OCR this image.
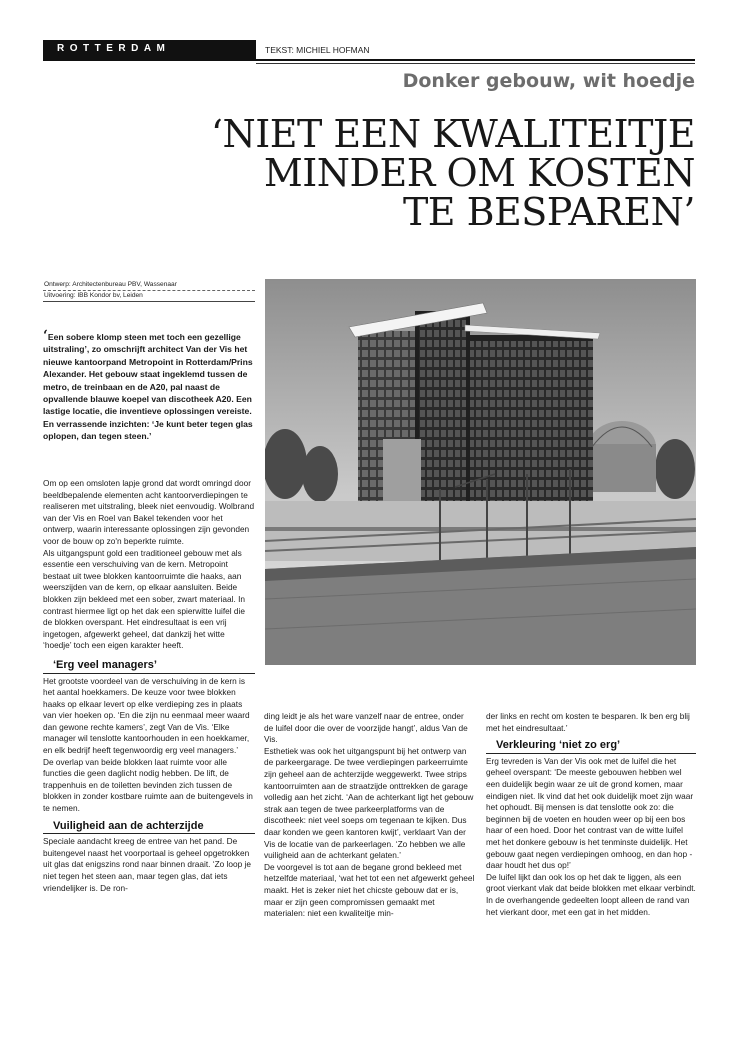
ROTTERDAM	TEKST: MICHIEL HOFMAN
Donker gebouw, wit hoedje
‘NIET EEN KWALITEITJE
MINDER OM KOSTEN
TE BESPAREN’
Ontwerp: Architectenbureau PBV, Wassenaar
Uitvoering: IBB Kondor bv, Leiden
‘Een sobere klomp steen met toch een gezellige uitstraling’, zo omschrijft architect Van der Vis het nieuwe kantoorpand Metropoint in Rotterdam/Prins Alexander. Het gebouw staat ingeklemd tussen de metro, de treinbaan en de A20, pal naast de opvallende blauwe koepel van discotheek A20. Een lastige locatie, die inventieve oplossingen vereiste. En verrassende inzichten: ‘Je kunt beter tegen glas oplopen, dan tegen steen.’

Om op een omsloten lapje grond dat wordt omringd door beeldbepalende elementen acht kantoorverdiepingen te realiseren met uitstraling, bleek niet eenvoudig. Wolbrand van der Vis en Roel van Bakel tekenden voor het ontwerp, waarin interessante oplossingen zijn gevonden voor de bouw op zo'n beperkte ruimte.

Als uitgangspunt gold een traditioneel gebouw met als essentie een verschuiving van de kern. Metropoint bestaat uit twee blokken kantoorruimte die haaks, aan weerszijden van de kern, op elkaar aansluiten. Beide blokken zijn bekleed met een sober, zwart materiaal. In contrast hiermee ligt op het dak een spierwitte luifel die de blokken overspant. Het eindresultaat is een vrij ingetogen, afgewerkt geheel, dat dankzij het witte ‘hoedje’ toch een eigen karakter heeft.

‘Erg veel managers’

Het grootste voordeel van de verschuiving in de kern is het aantal hoekkamers. De keuze voor twee blokken haaks op elkaar levert op elke verdieping zes in plaats van vier hoeken op. ‘En die zijn nu eenmaal meer waard dan gewone rechte kamers’, zegt Van de Vis. ‘Elke manager wil tenslotte kantoorhouden in een hoekkamer, en elk bedrijf heeft tegenwoordig erg veel managers.’

De overlap van beide blokken laat ruimte voor alle functies die geen daglicht nodig hebben. De lift, de trappenhuis en de toiletten bevinden zich tussen de blokken in zonder kostbare ruimte aan de buitengevels in te nemen.

Vuiligheid aan de achterzijde

Speciale aandacht kreeg de entree van het pand. De buitengevel naast het voorportaal is geheel opgetrokken uit glas dat enigszins rond naar binnen draait. ‘Zo loop je niet tegen het steen aan, maar tegen glas, dat iets vriendelijker is. De ron-

ding leidt je als het ware vanzelf naar de entree, onder de luifel door die over de voorzijde hangt’, aldus Van de Vis.

Esthetiek was ook het uitgangspunt bij het ontwerp van de parkeergarage. De twee verdiepingen parkeerruimte zijn geheel aan de achterzijde weggewerkt. Twee strips kantoorruimten aan de straatzijde onttrekken de garage volledig aan het zicht. ‘Aan de achterkant ligt het gebouw strak aan tegen de twee parkeerplatforms van de discotheek: niet veel soeps om tegenaan te kijken. Dus daar konden we geen kantoren kwijt’, verklaart Van der Vis de locatie van de parkeerlagen. ‘Zo hebben we alle vuiligheid aan de achterkant gelaten.’

De voorgevel is tot aan de begane grond bekleed met hetzelfde materiaal, ‘wat het tot een net afgewerkt geheel maakt. Het is zeker niet het chicste gebouw dat er is, maar er zijn geen compromissen gemaakt met materialen: niet een kwaliteitje min-

der links en recht om kosten te besparen. Ik ben erg blij met het eindresultaat.’

Verkleuring ‘niet zo erg’

Erg tevreden is Van der Vis ook met de luifel die het geheel overspant: ‘De meeste gebouwen hebben wel een duidelijk begin waar ze uit de grond komen, maar eindigen niet. Ik vind dat het ook duidelijk moet zijn waar het ophoudt. Bij mensen is dat tenslotte ook zo: die beginnen bij de voeten en houden weer op bij een bos haar of een hoed. Door het contrast van de witte luifel met het donkere gebouw is het tenminste duidelijk. Het gebouw gaat negen verdiepingen omhoog, en dan hop - daar houdt het dus op!’

De luifel lijkt dan ook los op het dak te liggen, als een groot vierkant vlak dat beide blokken met elkaar verbindt. In de overhangende gedeelten loopt alleen de rand van het vierkant door, met een gat in het midden.
